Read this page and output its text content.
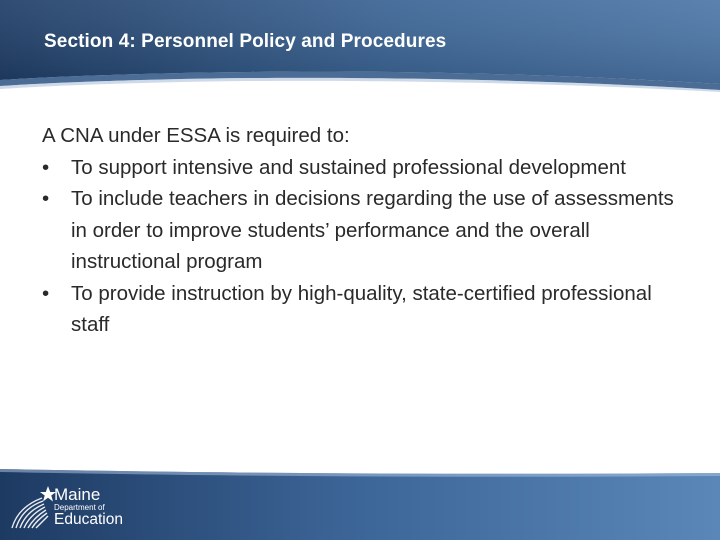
Section 4: Personnel Policy and Procedures

A CNA under ESSA is required to:

•	To support intensive and sustained professional development
•	To include teachers in decisions regarding the use of assessments in order to improve students’ performance and the overall instructional program
•	To provide instruction by high-quality, state-certified professional staff
Maine
Department of
Education
